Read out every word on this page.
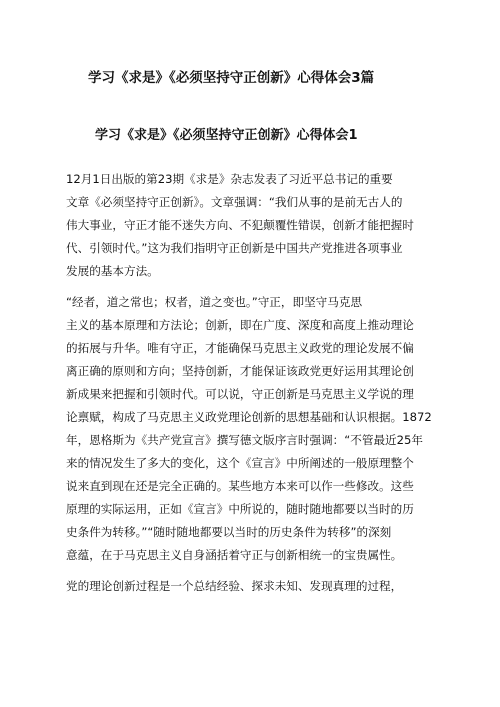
学习《求是》《必须坚持守正创新》心得体会3篇
学习《求是》《必须坚持守正创新》心得体会1
12月1日出版的第23期《求是》杂志发表了习近平总书记的重要
文章《必须坚持守正创新》。文章强调：“我们从事的是前无古人的
伟大事业，守正才能不迷失方向、不犯颠覆性错误，创新才能把握时
代、引领时代。”这为我们指明守正创新是中国共产党推进各项事业
发展的基本方法。
“经者，道之常也；权者，道之变也。”守正，即坚守马克思
主义的基本原理和方法论；创新，即在广度、深度和高度上推动理论
的拓展与升华。唯有守正，才能确保马克思主义政党的理论发展不偏
离正确的原则和方向；坚持创新，才能保证该政党更好运用其理论创
新成果来把握和引领时代。可以说，守正创新是马克思主义学说的理
论禀赋，构成了马克思主义政党理论创新的思想基础和认识根据。1872
年，恩格斯为《共产党宣言》撰写德文版序言时强调：“不管最近25年
来的情况发生了多大的变化，这个《宣言》中所阐述的一般原理整个
说来直到现在还是完全正确的。某些地方本来可以作一些修改。这些
原理的实际运用，正如《宣言》中所说的，随时随地都要以当时的历
史条件为转移。”“随时随地都要以当时的历史条件为转移”的深刻
意蕴，在于马克思主义自身涵括着守正与创新相统一的宝贵属性。
党的理论创新过程是一个总结经验、探求未知、发现真理的过程，
